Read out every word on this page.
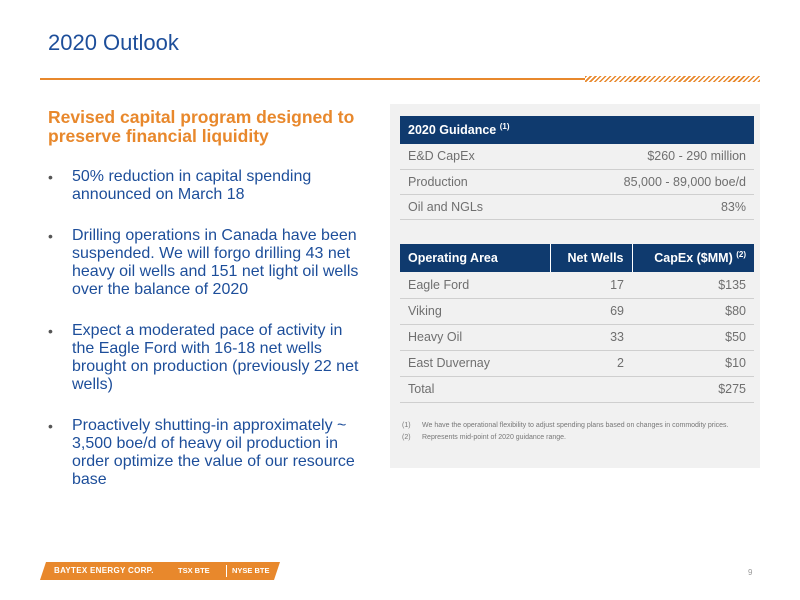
2020 Outlook
Revised capital program designed to preserve financial liquidity
• 50% reduction in capital spending announced on March 18
• Drilling operations in Canada have been suspended. We will forgo drilling 43 net heavy oil wells and 151 net light oil wells over the balance of 2020
• Expect a moderated pace of activity in the Eagle Ford with 16-18 net wells brought on production (previously 22 net wells)
• Proactively shutting-in approximately ~ 3,500 boe/d of heavy oil production in order optimize the value of our resource base
2020 Guidance $^{(1)}$
E&D CapEx	$260 - 290 million
Production	85,000 - 89,000 boe/d
Oil and NGLs	83%
Operating Area	Net Wells	CapEx ($MM) $^{(2)}$
Eagle Ford	17	$135
Viking	69	$80
Heavy Oil	33	$50
East Duvernay	2	$10
Total		$275
(1) We have the operational flexibility to adjust spending plans based on changes in commodity prices.
(2) Represents mid-point of 2020 guidance range.
BAYTEX ENERGY CORP.	TSX BTE	NYSE BTE	9
